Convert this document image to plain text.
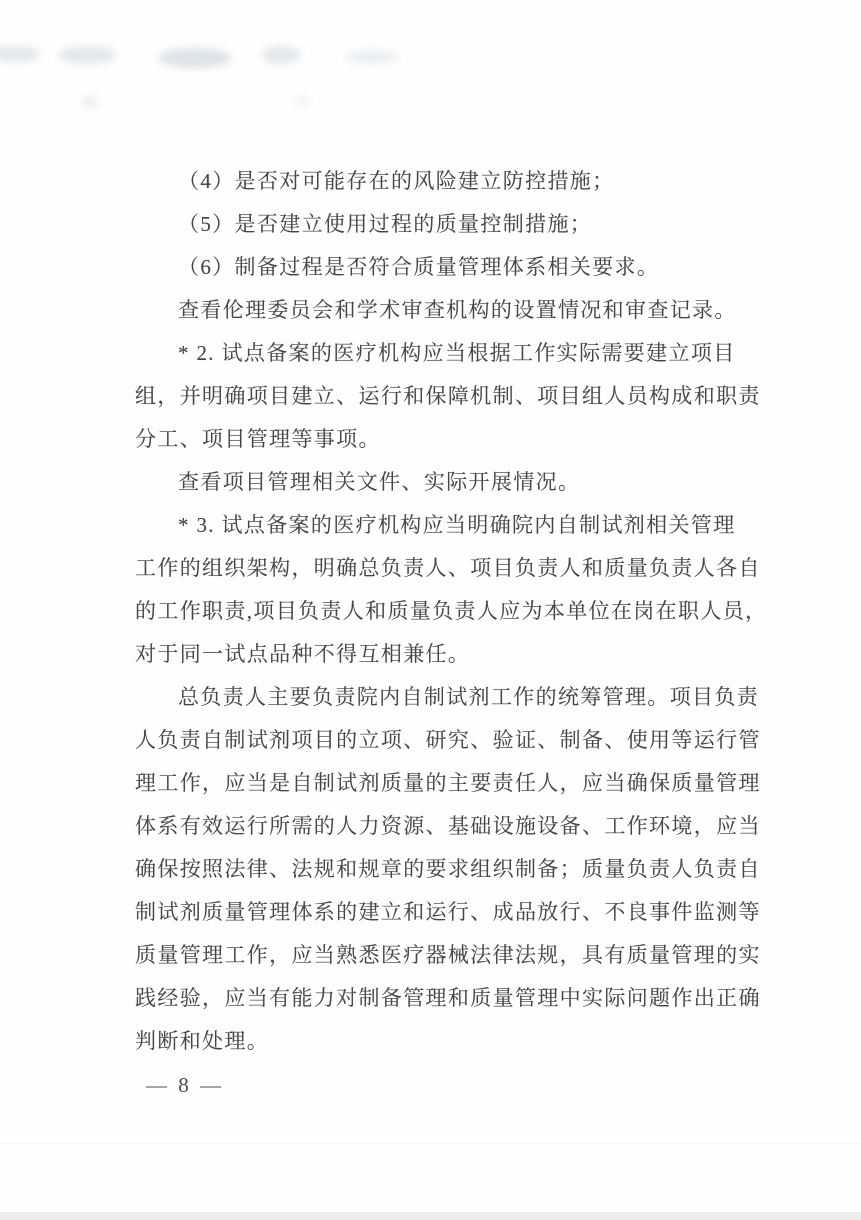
（4）是否对可能存在的风险建立防控措施；
（5）是否建立使用过程的质量控制措施；
（6）制备过程是否符合质量管理体系相关要求。
查看伦理委员会和学术审查机构的设置情况和审查记录。
* 2. 试点备案的医疗机构应当根据工作实际需要建立项目
组，并明确项目建立、运行和保障机制、项目组人员构成和职责
分工、项目管理等事项。
查看项目管理相关文件、实际开展情况。
* 3. 试点备案的医疗机构应当明确院内自制试剂相关管理
工作的组织架构，明确总负责人、项目负责人和质量负责人各自
的工作职责,项目负责人和质量负责人应为本单位在岗在职人员，
对于同一试点品种不得互相兼任。
总负责人主要负责院内自制试剂工作的统筹管理。项目负责
人负责自制试剂项目的立项、研究、验证、制备、使用等运行管
理工作，应当是自制试剂质量的主要责任人，应当确保质量管理
体系有效运行所需的人力资源、基础设施设备、工作环境，应当
确保按照法律、法规和规章的要求组织制备；质量负责人负责自
制试剂质量管理体系的建立和运行、成品放行、不良事件监测等
质量管理工作，应当熟悉医疗器械法律法规，具有质量管理的实
践经验，应当有能力对制备管理和质量管理中实际问题作出正确
判断和处理。
— 8 —
